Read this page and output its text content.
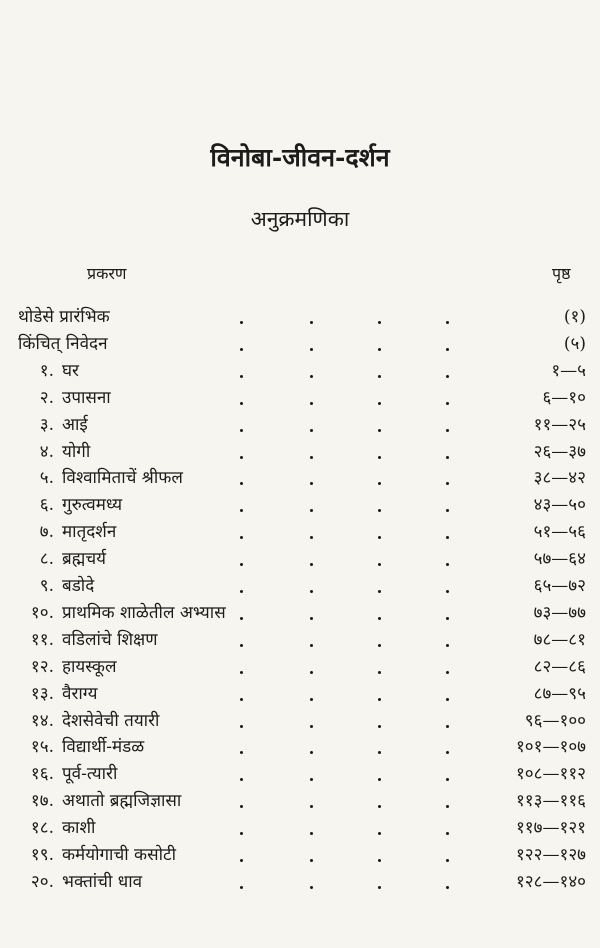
विनोबा-जीवन-दर्शन
अनुक्रमणिका
प्रकरण	पृष्ठ
थोडेसे प्रारंभिक	(१)
किंचित् निवेदन	(५)
१. घर	१—५
२. उपासना	६—१०
३. आई	११—२५
४. योगी	२६—३७
५. विश्वामिताचें श्रीफल	३८—४२
६. गुरुत्वमध्य	४३—५०
७. मातृदर्शन	५१—५६
८. ब्रह्मचर्य	५७—६४
९. बडोदे	६५—७२
१०. प्राथमिक शाळेतील अभ्यास	७३—७७
११. वडिलांचे शिक्षण	७८—८१
१२. हायस्कूल	८२—८६
१३. वैराग्य	८७—९५
१४. देशसेवेची तयारी	९६—१००
१५. विद्यार्थी-मंडळ	१०१—१०७
१६. पूर्व-त्यारी	१०८—११२
१७. अथातो ब्रह्मजिज्ञासा	११३—११६
१८. काशी	११७—१२१
१९. कर्मयोगाची कसोटी	१२२—१२७
२०. भक्तांची धाव	१२८—१४०
